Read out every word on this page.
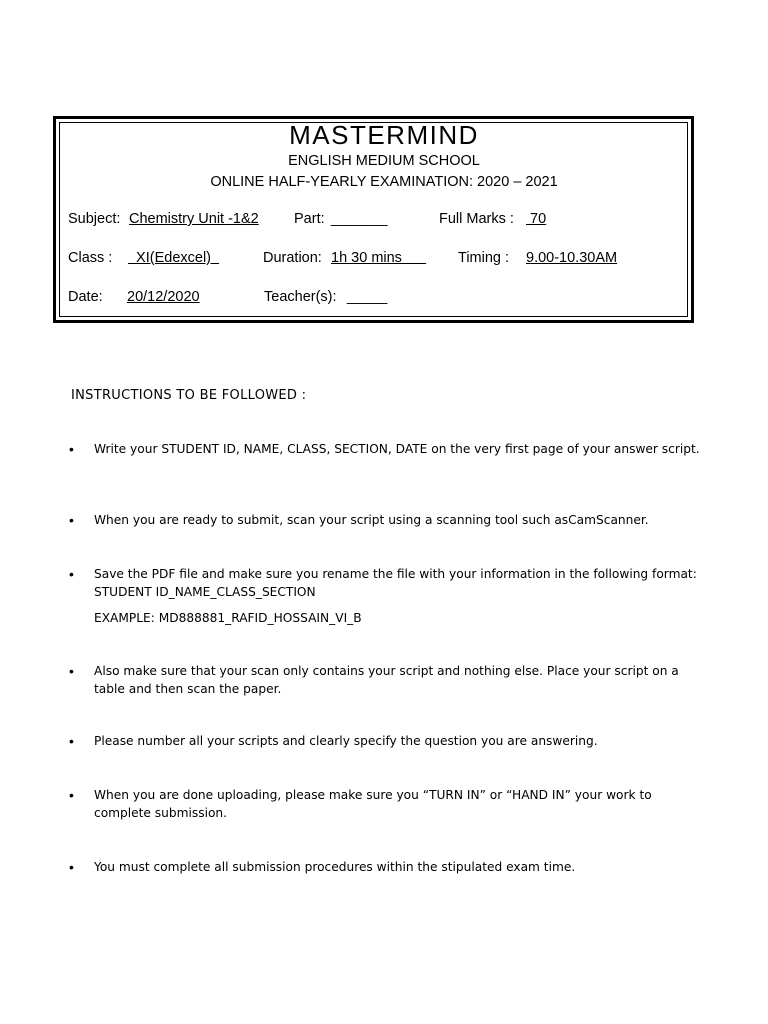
MASTERMIND
ENGLISH MEDIUM SCHOOL
ONLINE HALF-YEARLY EXAMINATION: 2020 – 2021
Subject: Chemistry Unit -1&2 Part: _______	Full Marks : 70
Class : XI(Edexcel)	Duration: 1h 30 mins Timing : 9.00-10.30AM
Date: 20/12/2020	Teacher(s): _____
INSTRUCTIONS TO BE FOLLOWED :
• Write your STUDENT ID, NAME, CLASS, SECTION, DATE on the very first page of your answer script.
• When you are ready to submit, scan your script using a scanning tool such asCamScanner.
• Save the PDF file and make sure you rename the file with your information in the following format: STUDENT ID_NAME_CLASS_SECTION
EXAMPLE: MD888881_RAFID_HOSSAIN_VI_B
• Also make sure that your scan only contains your script and nothing else. Place your script on a table and then scan the paper.
• Please number all your scripts and clearly specify the question you are answering.
• When you are done uploading, please make sure you “TURN IN” or “HAND IN” your work to complete submission.
• You must complete all submission procedures within the stipulated exam time.
